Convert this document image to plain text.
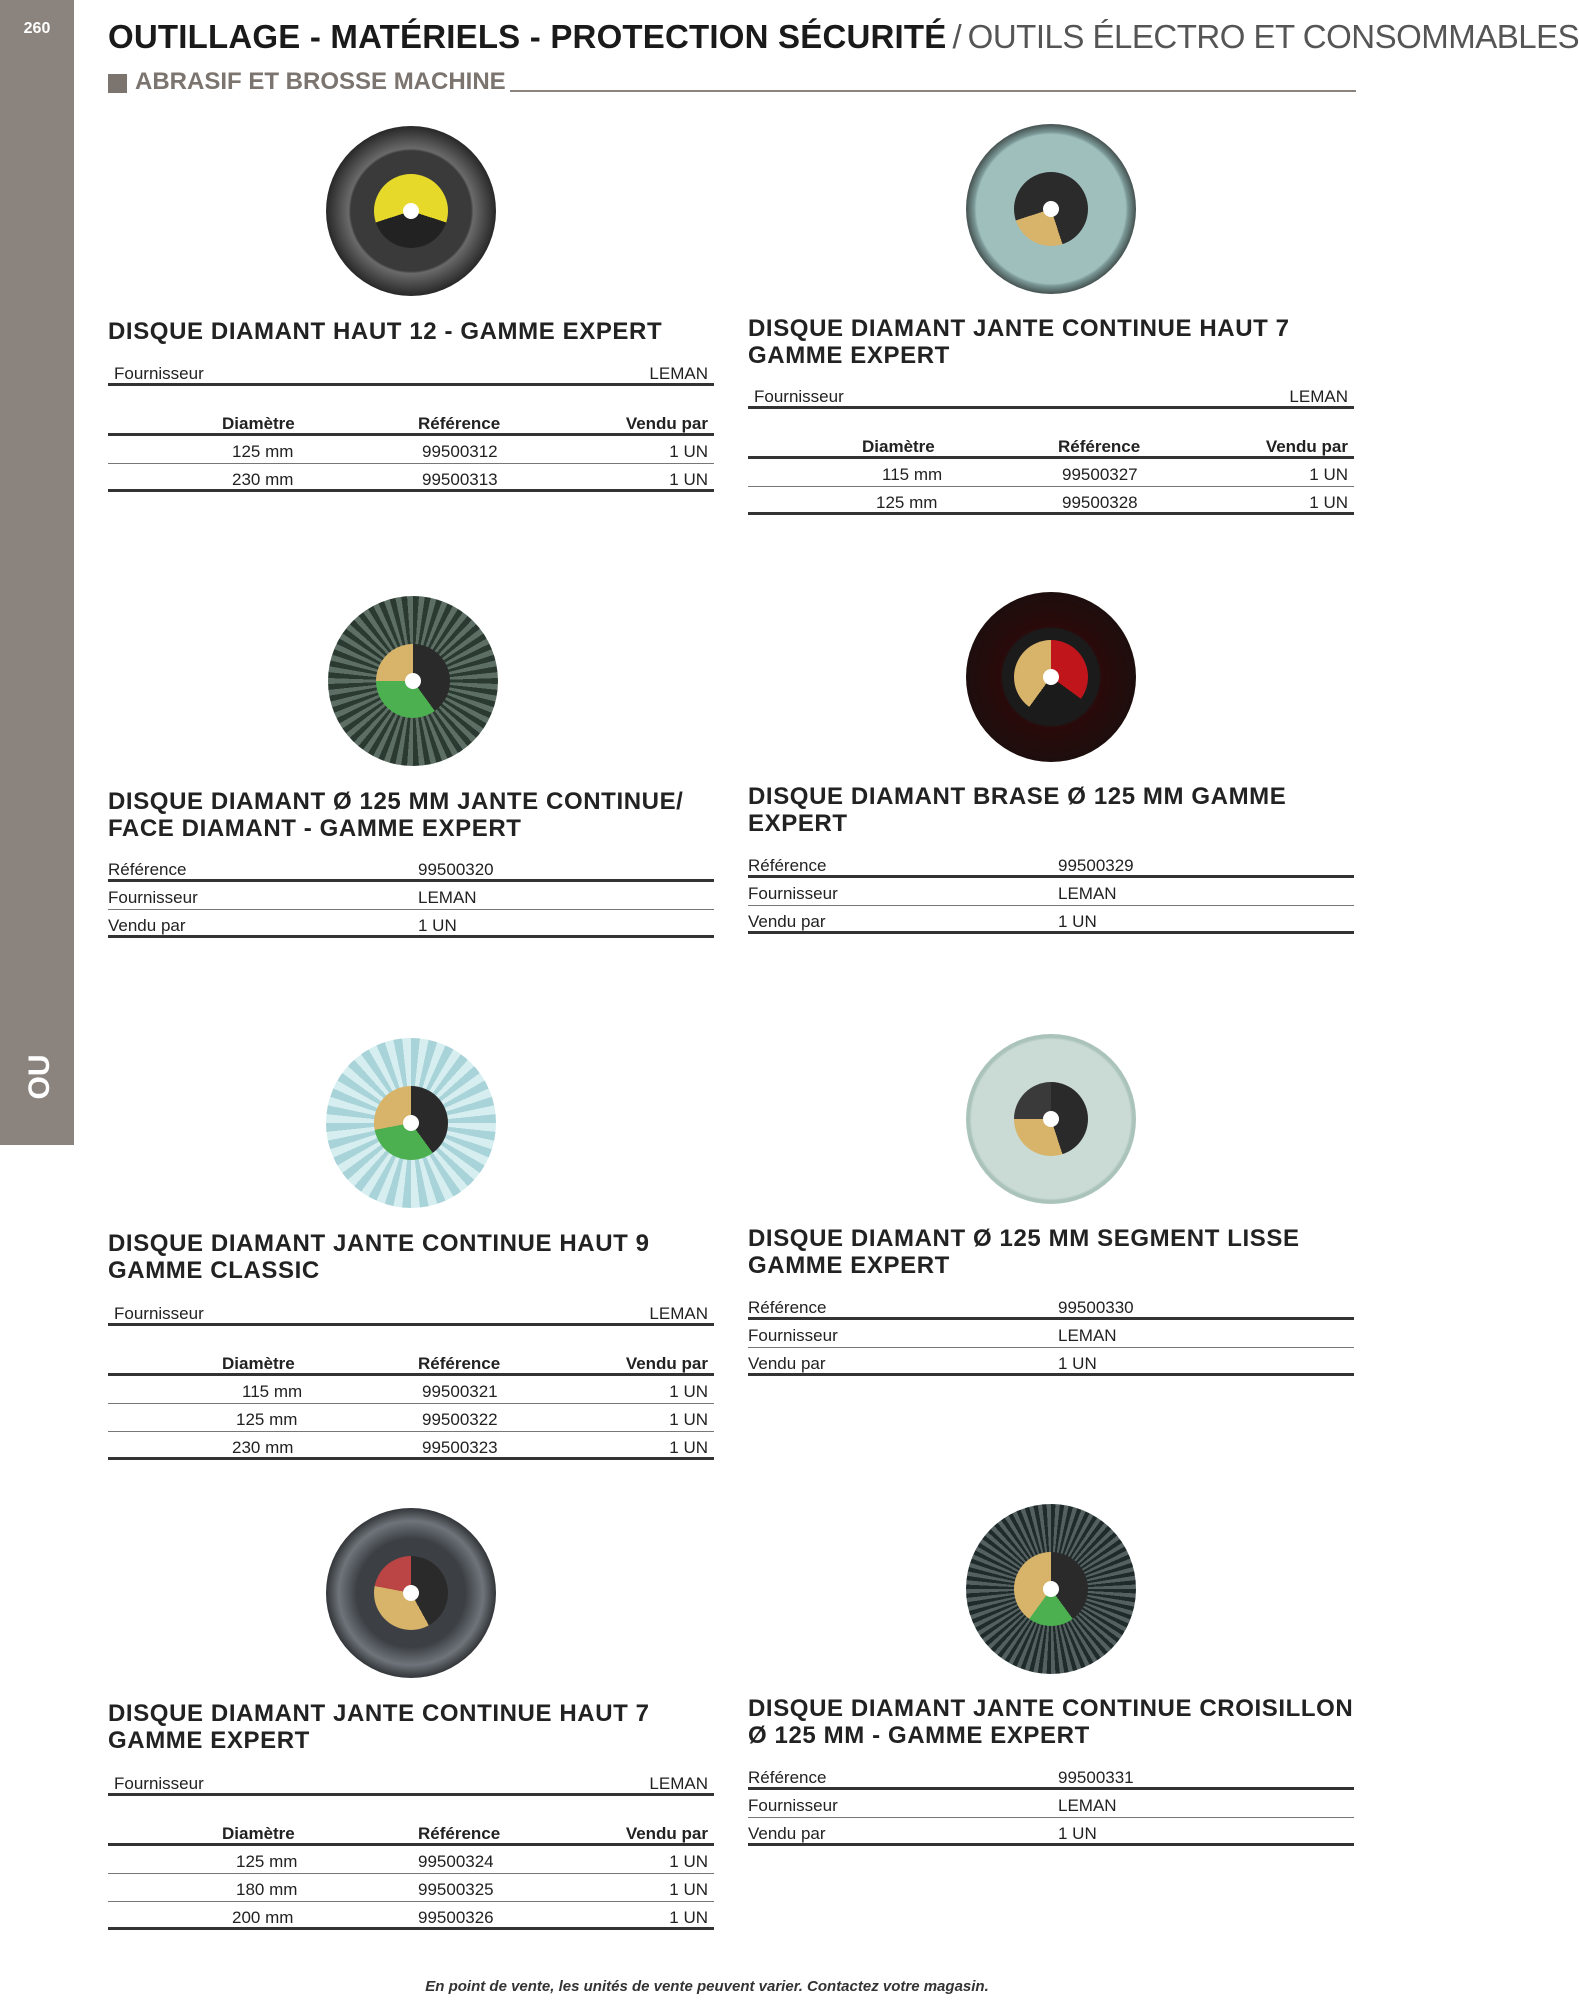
260
OU
OUTILLAGE - MATÉRIELS - PROTECTION SÉCURITÉ / OUTILS ÉLECTRO ET CONSOMMABLES
ABRASIF ET BROSSE MACHINE
DISQUE DIAMANT HAUT 12 - GAMME EXPERT
Fournisseur	LEMAN
Diamètre	Référence	Vendu par
125 mm	99500312	1 UN
230 mm	99500313	1 UN
DISQUE DIAMANT JANTE CONTINUE HAUT 7 GAMME EXPERT
Fournisseur	LEMAN
Diamètre	Référence	Vendu par
115 mm	99500327	1 UN
125 mm	99500328	1 UN
DISQUE DIAMANT Ø 125 MM JANTE CONTINUE/ FACE DIAMANT - GAMME EXPERT
Référence	99500320
Fournisseur	LEMAN
Vendu par	1 UN
DISQUE DIAMANT BRASE Ø 125 MM GAMME EXPERT
Référence	99500329
Fournisseur	LEMAN
Vendu par	1 UN
DISQUE DIAMANT JANTE CONTINUE HAUT 9 GAMME CLASSIC
Fournisseur	LEMAN
Diamètre	Référence	Vendu par
115 mm	99500321	1 UN
125 mm	99500322	1 UN
230 mm	99500323	1 UN
DISQUE DIAMANT Ø 125 MM SEGMENT LISSE GAMME EXPERT
Référence	99500330
Fournisseur	LEMAN
Vendu par	1 UN
DISQUE DIAMANT JANTE CONTINUE HAUT 7 GAMME EXPERT
Fournisseur	LEMAN
Diamètre	Référence	Vendu par
125 mm	99500324	1 UN
180 mm	99500325	1 UN
200 mm	99500326	1 UN
DISQUE DIAMANT JANTE CONTINUE CROISILLON Ø 125 MM - GAMME EXPERT
Référence	99500331
Fournisseur	LEMAN
Vendu par	1 UN
En point de vente, les unités de vente peuvent varier. Contactez votre magasin.
